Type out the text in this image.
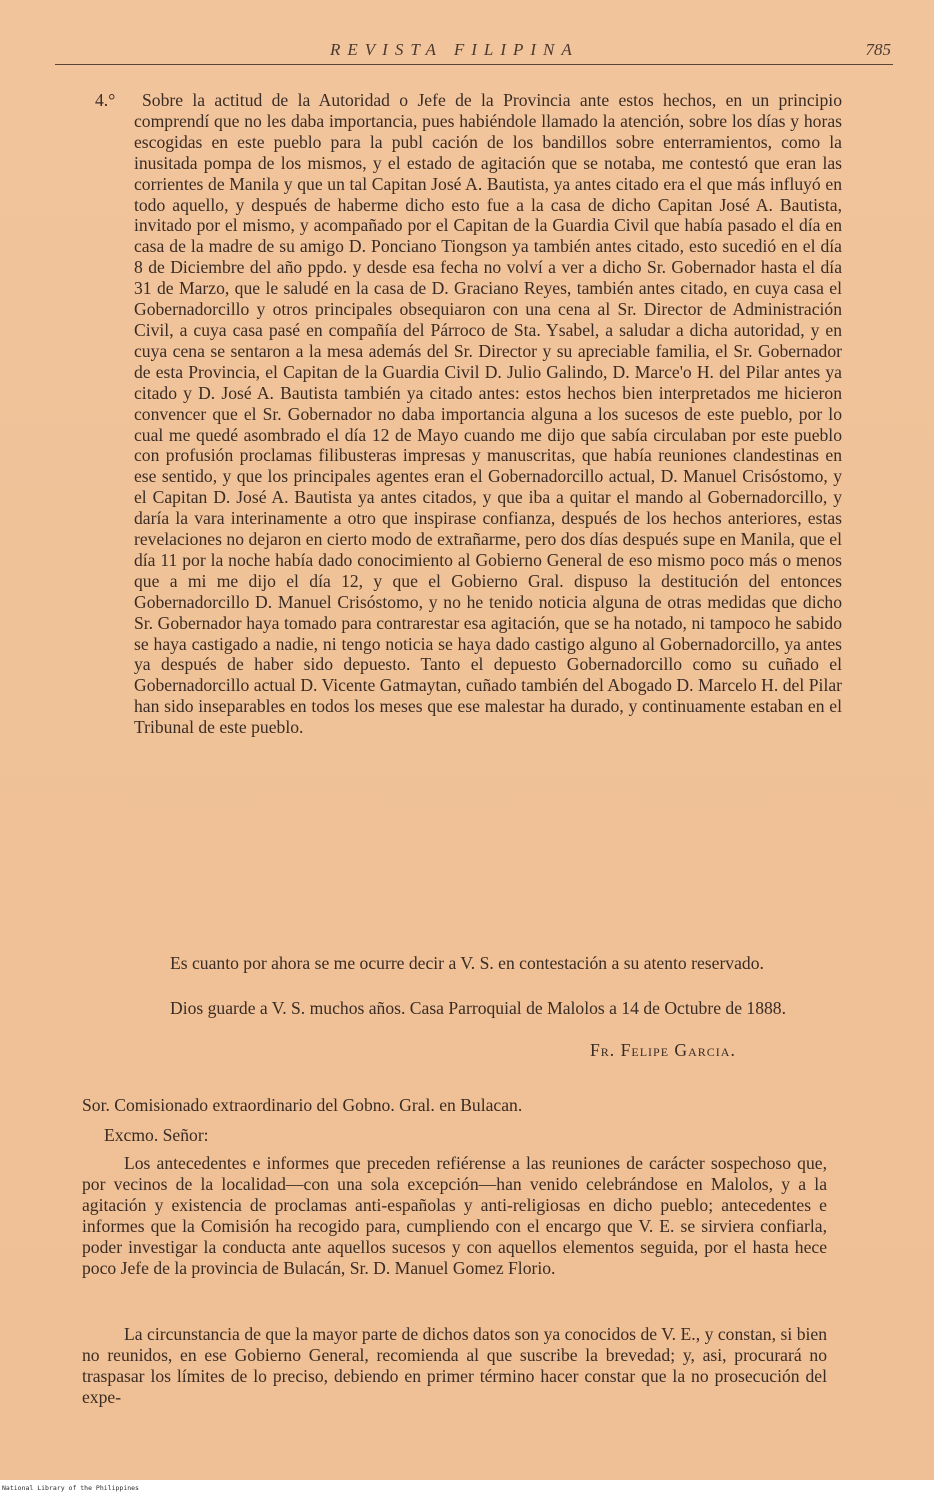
REVISTA FILIPINA	785
4.°	Sobre la actitud de la Autoridad o Jefe de la Provincia ante estos hechos, en un principio comprendí que no les daba importancia, pues habiéndole llamado la atención, sobre los días y horas escogidas en este pueblo para la publ cación de los bandillos sobre enterramientos, como la inusitada pompa de los mismos, y el estado de agitación que se notaba, me contestó que eran las corrientes de Manila y que un tal Capitan José A. Bautista, ya antes citado era el que más influyó en todo aquello, y después de haberme dicho esto fue a la casa de dicho Capitan José A. Bautista, invitado por el mismo, y acompañado por el Capitan de la Guardia Civil que había pasado el día en casa de la madre de su amigo D. Ponciano Tiongson ya también antes citado, esto sucedió en el día 8 de Diciembre del año ppdo. y desde esa fecha no volví a ver a dicho Sr. Gobernador hasta el día 31 de Marzo, que le saludé en la casa de D. Graciano Reyes, también antes citado, en cuya casa el Gobernadorcillo y otros principales obsequiaron con una cena al Sr. Director de Administración Civil, a cuya casa pasé en compañía del Párroco de Sta. Ysabel, a saludar a dicha autoridad, y en cuya cena se sentaron a la mesa además del Sr. Director y su apreciable familia, el Sr. Gobernador de esta Provincia, el Capitan de la Guardia Civil D. Julio Galindo, D. Marce'o H. del Pilar antes ya citado y D. José A. Bautista también ya citado antes: estos hechos bien interpretados me hicieron convencer que el Sr. Gobernador no daba importancia alguna a los sucesos de este pueblo, por lo cual me quedé asombrado el día 12 de Mayo cuando me dijo que sabía circulaban por este pueblo con profusión proclamas filibusteras impresas y manuscritas, que había reuniones clandestinas en ese sentido, y que los principales agentes eran el Gobernadorcillo actual, D. Manuel Crisóstomo, y el Capitan D. José A. Bautista ya antes citados, y que iba a quitar el mando al Gobernadorcillo, y daría la vara interinamente a otro que inspirase confianza, después de los hechos anteriores, estas revelaciones no dejaron en cierto modo de extrañarme, pero dos días después supe en Manila, que el día 11 por la noche había dado conocimiento al Gobierno General de eso mismo poco más o menos que a mi me dijo el día 12, y que el Gobierno Gral. dispuso la destitución del entonces Gobernadorcillo D. Manuel Crisóstomo, y no he tenido noticia alguna de otras medidas que dicho Sr. Gobernador haya tomado para contrarestar esa agitación, que se ha notado, ni tampoco he sabido se haya castigado a nadie, ni tengo noticia se haya dado castigo alguno al Gobernadorcillo, ya antes ya después de haber sido depuesto. Tanto el depuesto Gobernadorcillo como su cuñado el Gobernadorcillo actual D. Vicente Gatmaytan, cuñado también del Abogado D. Marcelo H. del Pilar han sido inseparables en todos los meses que ese malestar ha durado, y continuamente estaban en el Tribunal de este pueblo.
Es cuanto por ahora se me ocurre decir a V. S. en contestación a su atento reservado.
Dios guarde a V. S. muchos años. Casa Parroquial de Malolos a 14 de Octubre de 1888.
Fr. Felipe Garcia.
Sor. Comisionado extraordinario del Gobno. Gral. en Bulacan.
Excmo. Señor:
Los antecedentes e informes que preceden refiérense a las reuniones de carácter sospechoso que, por vecinos de la localidad—con una sola excepción—han venido celebrándose en Malolos, y a la agitación y existencia de proclamas anti-españolas y anti-religiosas en dicho pueblo; antecedentes e informes que la Comisión ha recogido para, cumpliendo con el encargo que V. E. se sirviera confiarla, poder investigar la conducta ante aquellos sucesos y con aquellos elementos seguida, por el hasta hece poco Jefe de la provincia de Bulacán, Sr. D. Manuel Gomez Florio.
La circunstancia de que la mayor parte de dichos datos son ya conocidos de V. E., y constan, si bien no reunidos, en ese Gobierno General, recomienda al que suscribe la brevedad; y, asi, procurará no traspasar los límites de lo preciso, debiendo en primer término hacer constar que la no prosecución del expe-
National Library of the Philippines
